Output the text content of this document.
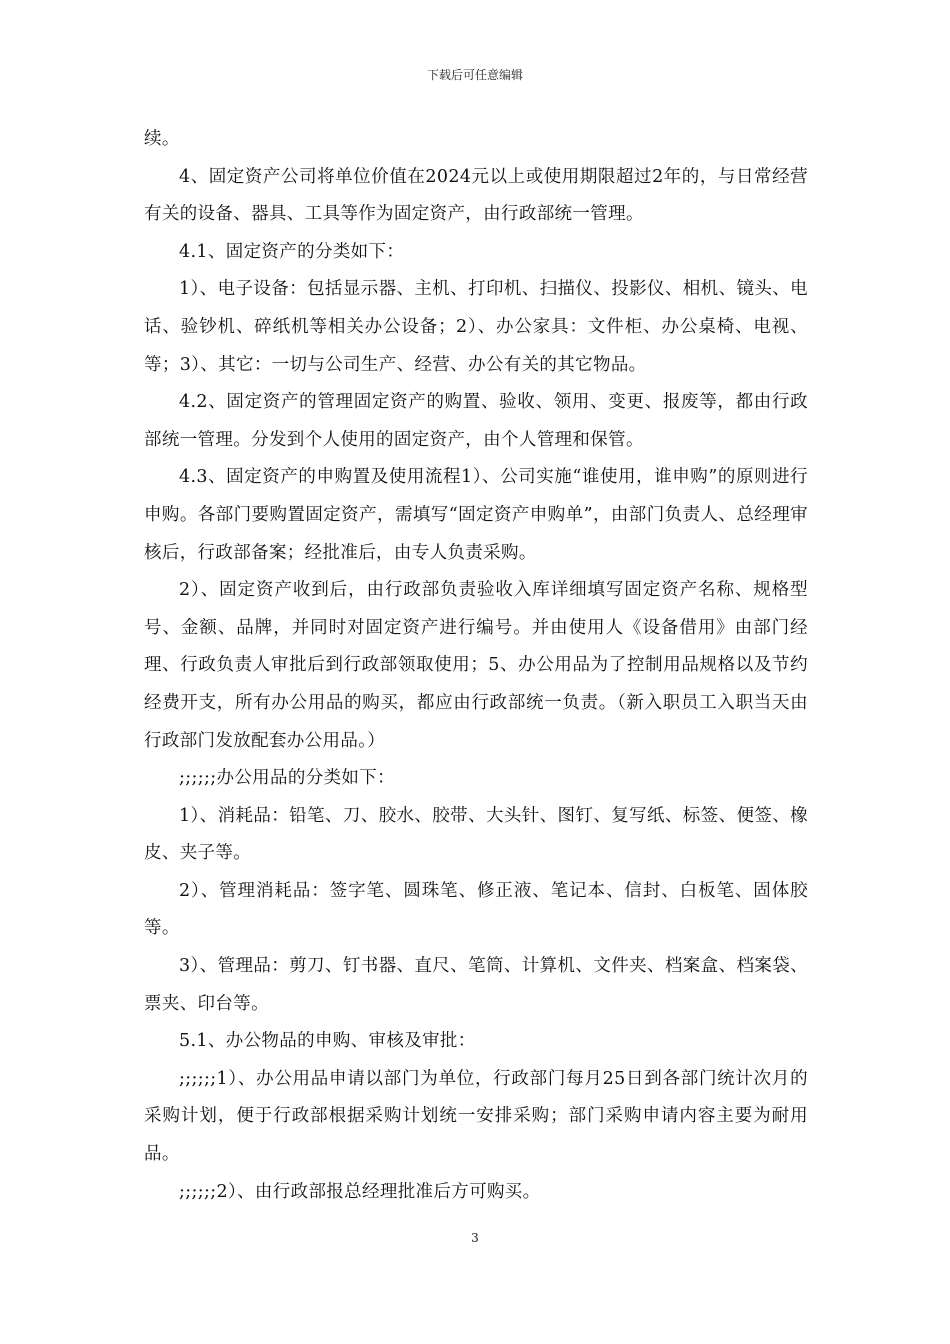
下载后可任意编辑

续。

4、固定资产公司将单位价值在2024元以上或使用期限超过2年的，与日常经营有关的设备、器具、工具等作为固定资产，由行政部统一管理。

4.1、固定资产的分类如下：

1）、电子设备：包括显示器、主机、打印机、扫描仪、投影仪、相机、镜头、电话、验钞机、碎纸机等相关办公设备；2）、办公家具：文件柜、办公桌椅、电视、等；3）、其它：一切与公司生产、经营、办公有关的其它物品。

4.2、固定资产的管理固定资产的购置、验收、领用、变更、报废等，都由行政部统一管理。分发到个人使用的固定资产，由个人管理和保管。

4.3、固定资产的申购置及使用流程1）、公司实施“谁使用，谁申购”的原则进行申购。各部门要购置固定资产，需填写“固定资产申购单”，由部门负责人、总经理审核后，行政部备案；经批准后，由专人负责采购。

2）、固定资产收到后，由行政部负责验收入库详细填写固定资产名称、规格型号、金额、品牌，并同时对固定资产进行编号。并由使用人《设备借用》由部门经理、行政负责人审批后到行政部领取使用；5、办公用品为了控制用品规格以及节约经费开支，所有办公用品的购买，都应由行政部统一负责。（新入职员工入职当天由行政部门发放配套办公用品。）

;;;;;;办公用品的分类如下：

1）、消耗品：铅笔、刀、胶水、胶带、大头针、图钉、复写纸、标签、便签、橡皮、夹子等。

2）、管理消耗品：签字笔、圆珠笔、修正液、笔记本、信封、白板笔、固体胶等。

3）、管理品：剪刀、钉书器、直尺、笔筒、计算机、文件夹、档案盒、档案袋、票夹、印台等。

5.1、办公物品的申购、审核及审批：

;;;;;;1）、办公用品申请以部门为单位，行政部门每月25日到各部门统计次月的采购计划，便于行政部根据采购计划统一安排采购；部门采购申请内容主要为耐用品。

;;;;;;2）、由行政部报总经理批准后方可购买。

3
